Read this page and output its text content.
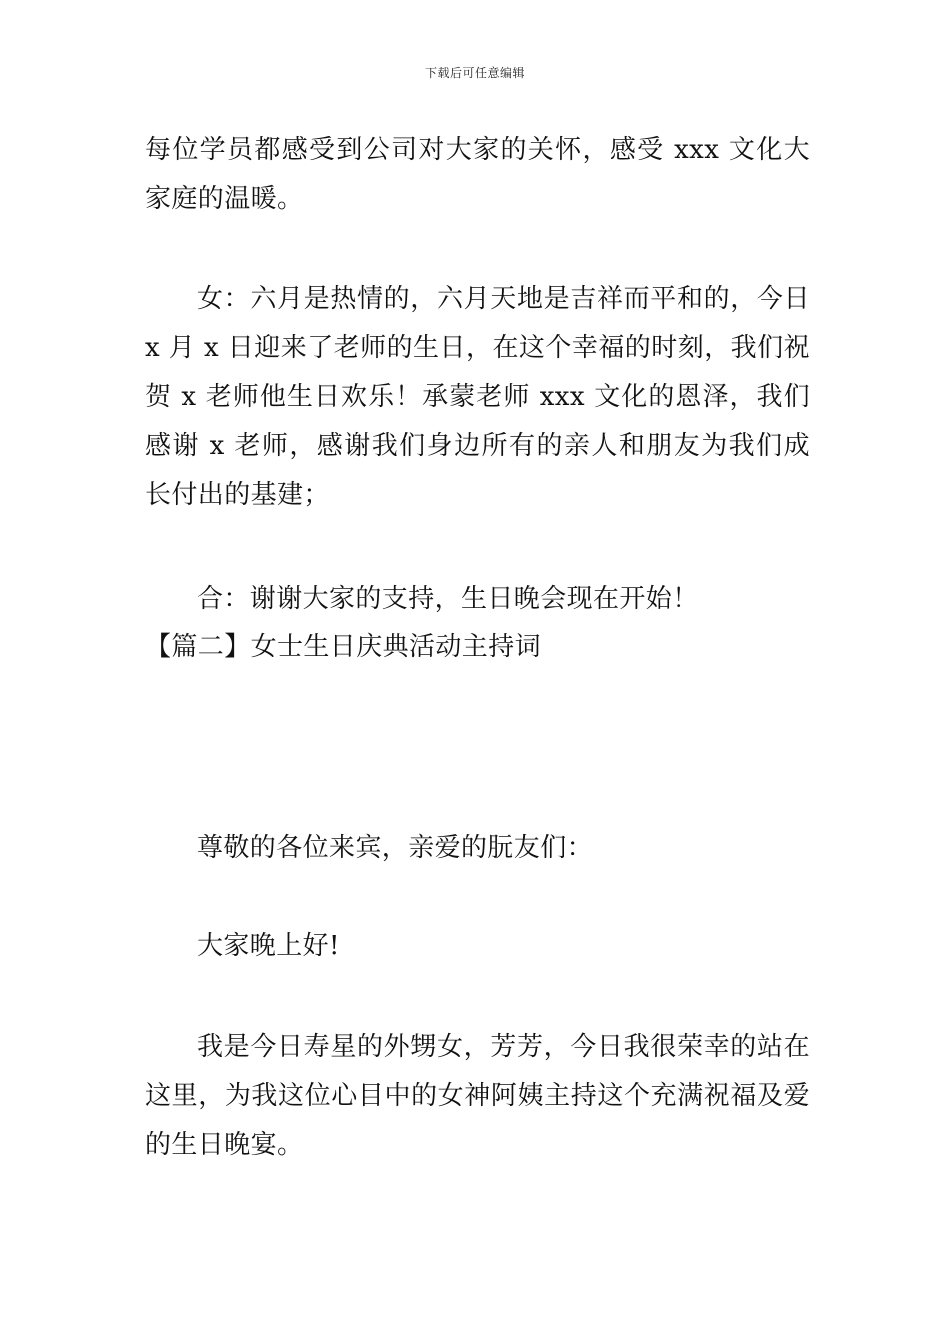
下载后可任意编辑
每位学员都感受到公司对大家的关怀，感受 xxx 文化大家庭的温暖。
女：六月是热情的，六月天地是吉祥而平和的，今日 x 月 x 日迎来了老师的生日，在这个幸福的时刻，我们祝贺 x 老师他生日欢乐！承蒙老师 xxx 文化的恩泽，我们感谢 x 老师，感谢我们身边所有的亲人和朋友为我们成长付出的基建；
合：谢谢大家的支持，生日晚会现在开始！
【篇二】女士生日庆典活动主持词
尊敬的各位来宾，亲爱的朊友们：
大家晚上好!
我是今日寿星的外甥女，芳芳，今日我很荣幸的站在这里，为我这位心目中的女神阿姨主持这个充满祝福及爱的生日晚宴。
